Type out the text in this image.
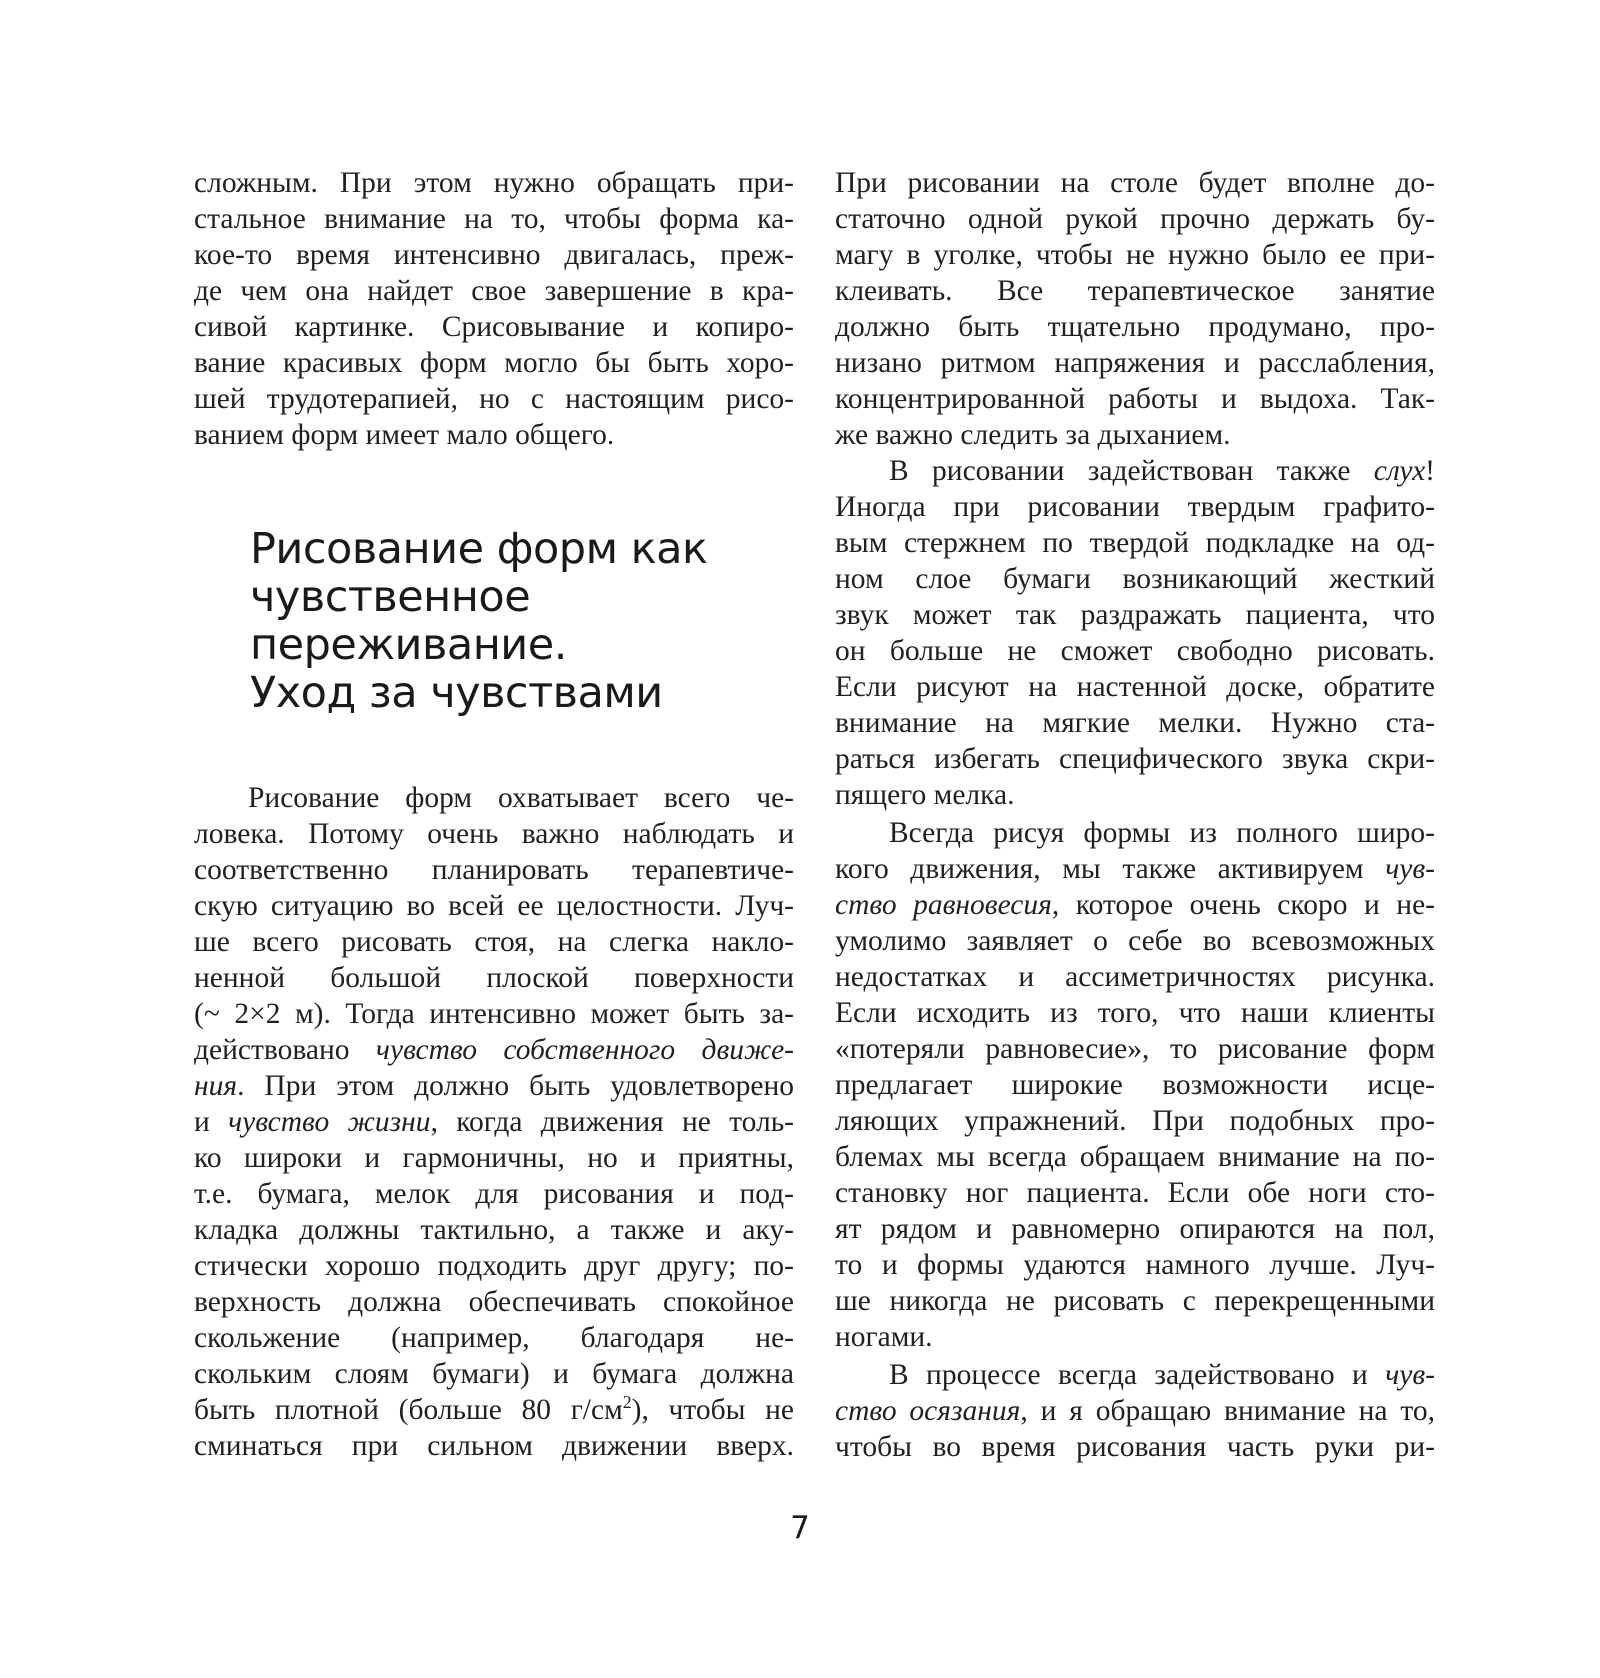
сложным. При этом нужно обращать при-
стальное внимание на то, чтобы форма ка-
кое-то время интенсивно двигалась, преж-
де чем она найдет свое завершение в кра-
сивой картинке. Срисовывание и копиро-
вание красивых форм могло бы быть хоро-
шей трудотерапией, но с настоящим рисо-
ванием форм имеет мало общего.
Рисование форм охватывает всего че-
ловека. Потому очень важно наблюдать и
соответственно планировать терапевтиче-
скую ситуацию во всей ее целостности. Луч-
ше всего рисовать стоя, на слегка накло-
ненной большой плоской поверхности
(~ 2×2 м). Тогда интенсивно может быть за-
действовано чувство собственного движе-
ния. При этом должно быть удовлетворено
и чувство жизни, когда движения не толь-
ко широки и гармоничны, но и приятны,
т.е. бумага, мелок для рисования и под-
кладка должны тактильно, а также и аку-
стически хорошо подходить друг другу; по-
верхность должна обеспечивать спокойное
скольжение (например, благодаря не-
скольким слоям бумаги) и бумага должна
быть плотной (больше 80 $г/см^2$), чтобы не
сминаться при сильном движении вверх.
Рисование форм как
чувственное
переживание.
Уход за чувствами
При рисовании на столе будет вполне до-
статочно одной рукой прочно держать бу-
магу в уголке, чтобы не нужно было ее при-
клеивать. Все терапевтическое занятие
должно быть тщательно продумано, про-
низано ритмом напряжения и расслабления,
концентрированной работы и выдоха. Так-
же важно следить за дыханием.
В рисовании задействован также слух!
Иногда при рисовании твердым графито-
вым стержнем по твердой подкладке на од-
ном слое бумаги возникающий жесткий
звук может так раздражать пациента, что
он больше не сможет свободно рисовать.
Если рисуют на настенной доске, обратите
внимание на мягкие мелки. Нужно ста-
раться избегать специфического звука скри-
пящего мелка.
Всегда рисуя формы из полного широ-
кого движения, мы также активируем чув-
ство равновесия, которое очень скоро и не-
умолимо заявляет о себе во всевозможных
недостатках и ассиметричностях рисунка.
Если исходить из того, что наши клиенты
«потеряли равновесие», то рисование форм
предлагает широкие возможности исце-
ляющих упражнений. При подобных про-
блемах мы всегда обращаем внимание на по-
становку ног пациента. Если обе ноги сто-
ят рядом и равномерно опираются на пол,
то и формы удаются намного лучше. Луч-
ше никогда не рисовать с перекрещенными
ногами.
В процессе всегда задействовано и чув-
ство осязания, и я обращаю внимание на то,
чтобы во время рисования часть руки ри-
7
